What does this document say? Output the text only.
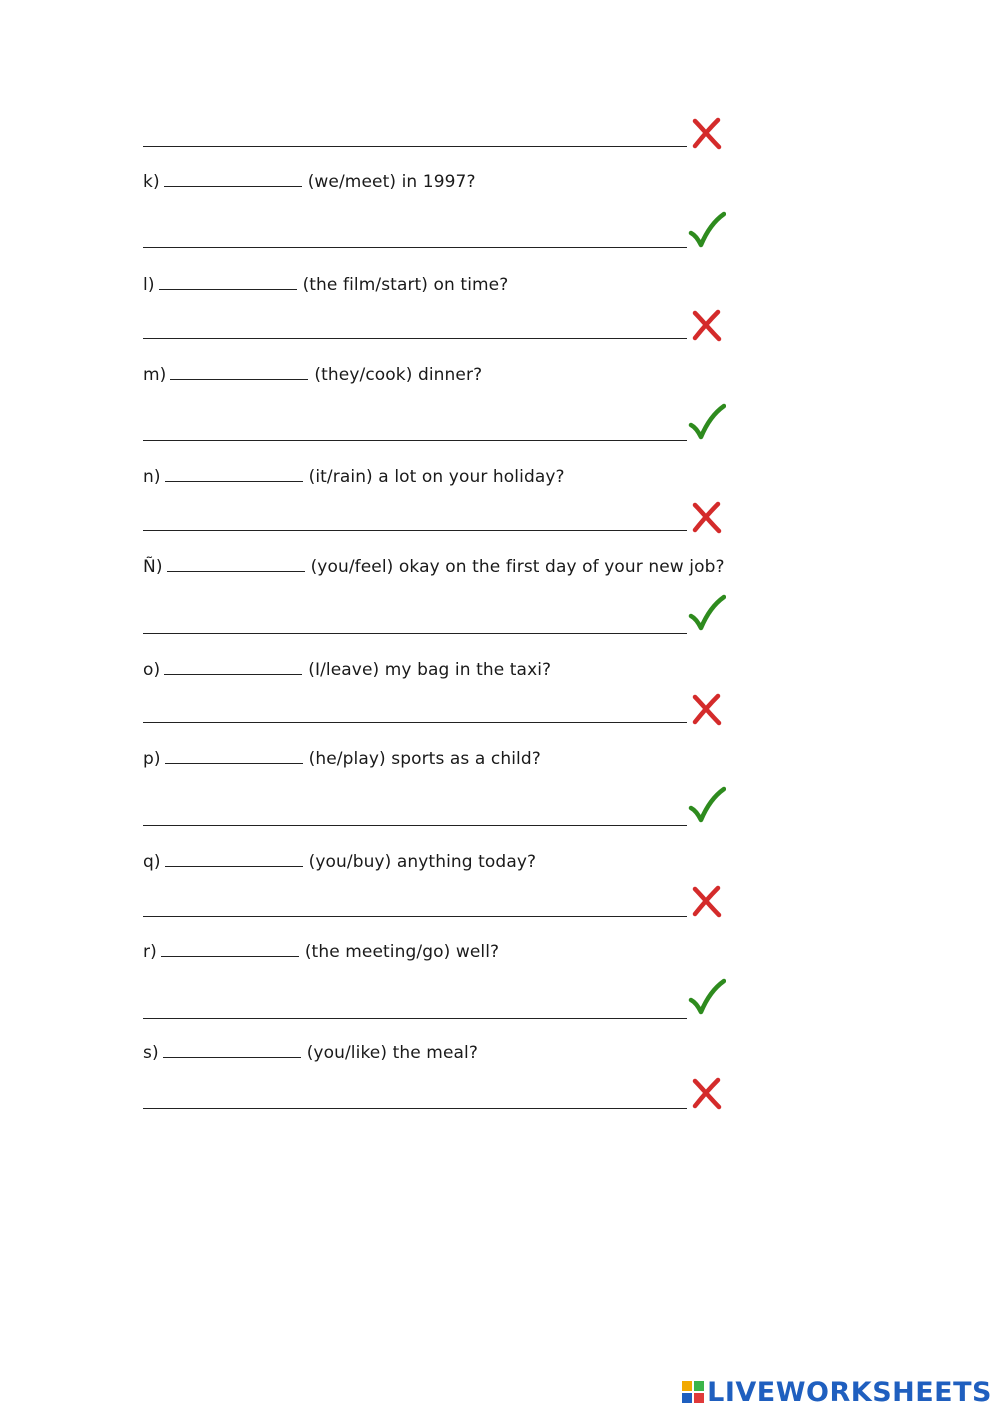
k)	(we/meet) in 1997?
l)	(the film/start) on time?
m)	(they/cook) dinner?
n)	(it/rain) a lot on your holiday?
Ñ)	(you/feel) okay on the first day of your new job?
o)	(I/leave) my bag in the taxi?
p)	(he/play) sports as a child?
q)	(you/buy) anything today?
r)	(the meeting/go) well?
s)	(you/like) the meal?
LIVEWORKSHEETS
